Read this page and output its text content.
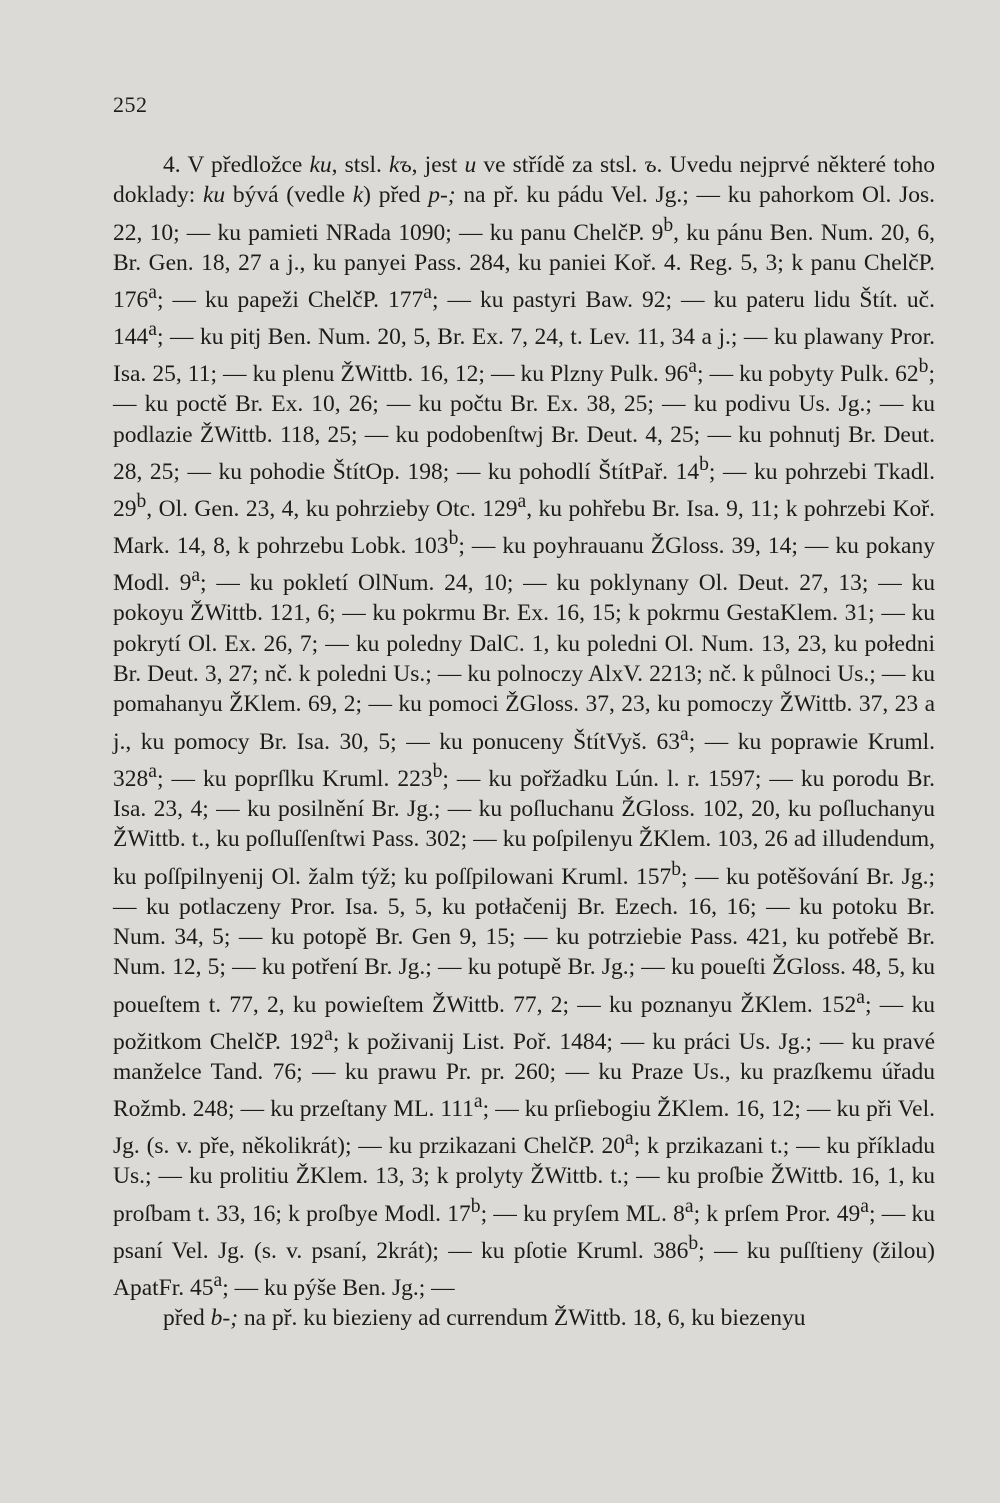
252

4. V předložce ku, stsl. kъ, jest u ve střídě za stsl. ъ. Uvedu nejprvé některé toho doklady: ku bývá (vedle k) před p-; na př. ku pádu Vel. Jg.; — ku pahorkom Ol. Jos. 22, 10; — ku pamieti NRada 1090; — ku panu ChelčP. 9$^b$, ku pánu Ben. Num. 20, 6, Br. Gen. 18, 27 a j., ku panyei Pass. 284, ku paniei Koř. 4. Reg. 5, 3; k panu ChelčP. 176$^a$; — ku papeži ChelčP. 177$^a$; — ku pastyri Baw. 92; — ku pateru lidu Štít. uč. 144$^a$; — ku pitj Ben. Num. 20, 5, Br. Ex. 7, 24, t. Lev. 11, 34 a j.; — ku plawany Pror. Isa. 25, 11; — ku plenu ŽWittb. 16, 12; — ku Plzny Pulk. 96$^a$; — ku pobyty Pulk. 62$^b$; — ku poctě Br. Ex. 10, 26; — ku počtu Br. Ex. 38, 25; — ku podivu Us. Jg.; — ku podlazie ŽWittb. 118, 25; — ku podobenſtwj Br. Deut. 4, 25; — ku pohnutj Br. Deut. 28, 25; — ku pohodie ŠtítOp. 198; — ku pohodlí ŠtítPař. 14$^b$; — ku pohrzebi Tkadl. 29$^b$, Ol. Gen. 23, 4, ku pohrzieby Otc. 129$^a$, ku pohřebu Br. Isa. 9, 11; k pohrzebi Koř. Mark. 14, 8, k pohrzebu Lobk. 103$^b$; — ku poyhrauanu ŽGloss. 39, 14; — ku pokany Modl. 9$^a$; — ku pokletí OlNum. 24, 10; — ku poklynany Ol. Deut. 27, 13; — ku pokoyu ŽWittb. 121, 6; — ku pokrmu Br. Ex. 16, 15; k pokrmu GestaKlem. 31; — ku pokrytí Ol. Ex. 26, 7; — ku poledny DalC. 1, ku poledni Ol. Num. 13, 23, ku połedni Br. Deut. 3, 27; nč. k poledni Us.; — ku polnoczy AlxV. 2213; nč. k půlnoci Us.; — ku pomahanyu ŽKlem. 69, 2; — ku pomoci ŽGloss. 37, 23, ku pomoczy ŽWittb. 37, 23 a j., ku pomocy Br. Isa. 30, 5; — ku ponuceny ŠtítVyš. 63$^a$; — ku poprawie Kruml. 328$^a$; — ku poprſlku Kruml. 223$^b$; — ku pořžadku Lún. l. r. 1597; — ku porodu Br. Isa. 23, 4; — ku posilnění Br. Jg.; — ku poſluchanu ŽGloss. 102, 20, ku poſluchanyu ŽWittb. t., ku poſluſſenſtwi Pass. 302; — ku poſpilenyu ŽKlem. 103, 26 ad illudendum, ku poſſpilnyenij Ol. žalm týž; ku poſſpilowani Kruml. 157$^b$; — ku potěšování Br. Jg.; — ku potlaczeny Pror. Isa. 5, 5, ku potłačenij Br. Ezech. 16, 16; — ku potoku Br. Num. 34, 5; — ku potopě Br. Gen 9, 15; — ku potrziebie Pass. 421, ku potřebě Br. Num. 12, 5; — ku potření Br. Jg.; — ku potupě Br. Jg.; — ku poueſti ŽGloss. 48, 5, ku poueſtem t. 77, 2, ku powieſtem ŽWittb. 77, 2; — ku poznanyu ŽKlem. 152$^a$; — ku požitkom ChelčP. 192$^a$; k poživanij List. Poř. 1484; — ku práci Us. Jg.; — ku pravé manželce Tand. 76; — ku prawu Pr. pr. 260; — ku Praze Us., ku prazſkemu úřadu Rožmb. 248; — ku przeſtany ML. 111$^a$; — ku prſiebogiu ŽKlem. 16, 12; — ku při Vel. Jg. (s. v. pře, několikrát); — ku przikazani ChelčP. 20$^a$; k przikazani t.; — ku příkladu Us.; — ku prolitiu ŽKlem. 13, 3; k prolyty ŽWittb. t.; — ku proſbie ŽWittb. 16, 1, ku proſbam t. 33, 16; k proſbye Modl. 17$^b$; — ku pryſem ML. 8$^a$; k prſem Pror. 49$^a$; — ku psaní Vel. Jg. (s. v. psaní, 2krát); — ku pſotie Kruml. 386$^b$; — ku puſſtieny (žilou) ApatFr. 45$^a$; — ku pýše Ben. Jg.; —

před b-; na př. ku biezieny ad currendum ŽWittb. 18, 6, ku biezenyu
